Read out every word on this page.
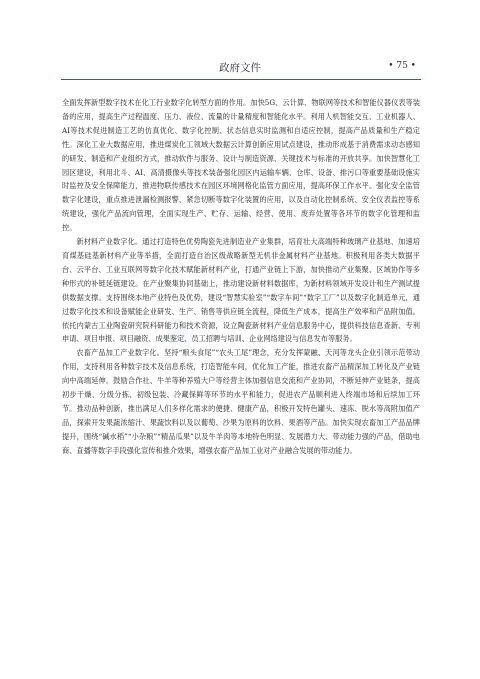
政府文件	• 75 •
◈

全面发挥新型数字技术在化工行业数字化转型方面的作用。加快5G、云计算、物联网等技术和智能仪器仪表等装备的应用，提高生产过程温度、压力、液位、流量的计量精度和智能化水平。利用人机智能交互、工业机器人、AI等技术促进制造工艺的仿真优化、数字化控制、状态信息实时监测和自适应控制，提高产品质量和生产稳定性。深化工业大数据应用，推进煤炭化工领域大数据云计算创新应用试点建设，推动形成基于消费需求动态感知的研发、制造和产业组织方式，推动软件与服务、设计与制造资源、关键技术与标准的开放共享。加快智慧化工园区建设，利用北斗、AI、高清摄像头等技术装备强化园区内运输车辆、仓库、设备、排污口等重要基础设施实时监控及安全保障能力，推进物联传感技术在园区环境网格化监管方面应用，提高环保工作水平。强化安全监管数字化建设，重点推进泄漏检测报警、紧急切断等数字化装置的应用，以及自动化控制系统、安全仪表监控等系统建设，强化产品流向管理，全面实现生产、贮存、运输、经营、使用、废弃处置等各环节的数字化管理和监控。

新材料产业数字化。通过打造特色优势陶瓷先进制造业产业集群，培育壮大高端特种玻璃产业基地、加速培育煤基硅基新材料产业等举措，全面打造自治区级战略新型无机非金属材料产业基地。积极利用各类大数据平台、云平台、工业互联网等数字化技术赋能新材料产业，打通产业链上下游，加快推动产业集聚、区域协作等多种形式的补链延链建设。在产业聚集协同基础上，推动建设新材料数据库，为新材料领域开发设计和生产测试提供数据支撑。支持围绕本地产业特色及优势，建设“智慧实验室”“数字车间”“数字工厂”以及数字化制造单元，通过数字化技术和设备赋能企业研发、生产、销售等供应链全流程，降低生产成本，提高生产效率和产品附加值。依托内蒙古工业陶瓷研究院科研能力和技术资源，设立陶瓷新材料产业信息服务中心，提供科技信息查新、专利申请、项目申报、项目融资、成果鉴定、员工招聘与培训、企业网络建设与信息发布等服务。

农畜产品加工产业数字化。坚持“粮头食尾”“农头工尾”理念，充分发挥蒙融、天河等龙头企业引领示范带动作用，支持利用各种数字技术及信息系统，打造智能车间，优化加工产能，推进农畜产品精深加工转化及产业链向中高端延伸。鼓励合作社、牛羊等种养殖大户等经营主体加强信息交流和产业协同，不断延伸产业链条，提高初步干燥、分级分拣、初级包装、冷藏保鲜等环节的水平和能力，促进农产品顺利进入终端市场和后续加工环节。推动品种创新，推出满足人们多样化需求的便捷、健康产品，积极开发特色罐头、速冻、脱水等高附加值产品，探索开发果蔬浓缩汁、果蔬饮料以及以葡萄、沙果为原料的饮料、果酒等产品。加快实现农畜加工产品品牌提升，围绕“碱水稻”“小杂粮”“精品瓜果”以及牛羊肉等本地特色明显、发展潜力大、带动能力强的产品，借助电商、直播等数字手段强化宣传和推介效果，增强农畜产品加工业对产业融合发展的带动能力。
